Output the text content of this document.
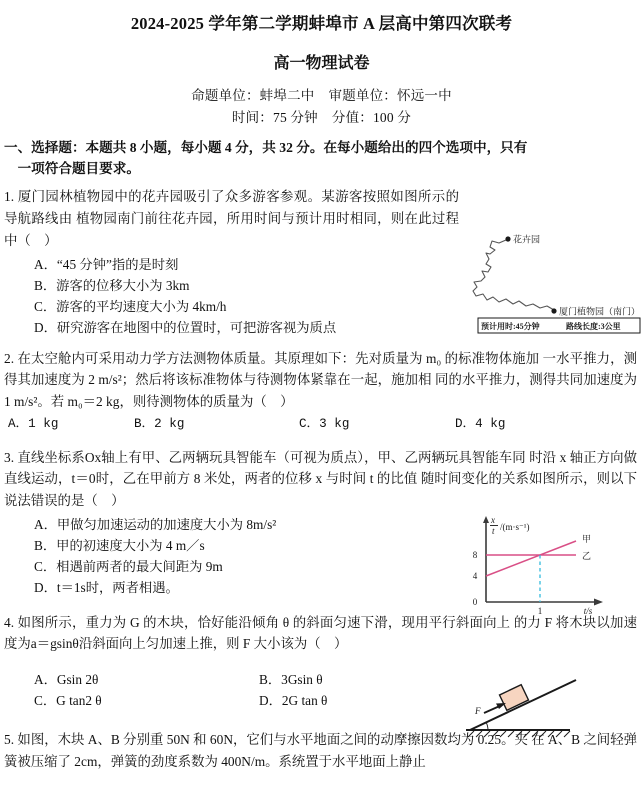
2024-2025 学年第二学期蚌埠市 A 层高中第四次联考
高一物理试卷
命题单位：蚌埠二中 审题单位：怀远一中
时间：75 分钟 分值：100 分
一、选择题：本题共 8 小题，每小题 4 分，共 32 分。在每小题给出的四个选项中，只有
一项符合题目要求。
1. 厦门园林植物园中的花卉园吸引了众多游客参观。某游客按照如图所示的导航路线由 植物园南门前往花卉园，所用时间与预计用时相同，则在此过程中（　）
A．“45 分钟”指的是时刻
B．游客的位移大小为 3km
C．游客的平均速度大小为 4km/h
D．研究游客在地图中的位置时，可把游客视为质点
花卉园
厦门植物园（南门）
预计用时:45分钟	路线长度:3公里
2. 在太空舱内可采用动力学方法测物体质量。其原理如下：先对质量为 m₀ 的标准物体施加 一水平推力，测得其加速度为 2 m/s²；然后将该标准物体与待测物体紧靠在一起，施加相 同的水平推力，测得共同加速度为 1 m/s²。若 m₀＝2 kg，则待测物体的质量为（　）
A．1 kg	B．2 kg	C．3 kg	D．4 kg
3. 直线坐标系Ox轴上有甲、乙两辆玩具智能车（可视为质点），甲、乙两辆玩具智能车同 时沿 x 轴正方向做直线运动，t＝0时，乙在甲前方 8 米处，两者的位移 x 与时间 t 的比值 随时间变化的关系如图所示，则以下说法错误的是（　）
A．甲做匀加速运动的加速度大小为 8m/s²
B．甲的初速度大小为 4 m／s
C．相遇前两者的最大间距为 9m
D．t＝1s时，两者相遇。
x
t /(m·s⁻¹)
8
4
0
乙
甲
1	t/s
4. 如图所示，重力为 G 的木块，恰好能沿倾角 θ 的斜面匀速下滑，现用平行斜面向上 的力 F 将木块以加速度为a＝gsinθ沿斜面向上匀加速上推，则 F 大小该为（　）
A．Gsin 2θ	B．3Gsin θ
C．G tan2 θ	D．2G tan θ
F
5. 如图，木块 A、B 分别重 50N 和 60N，它们与水平地面之间的动摩擦因数均为 0.25。夹 在 A、B 之间轻弹簧被压缩了 2cm，弹簧的劲度系数为 400N/m。系统置于水平地面上静止
